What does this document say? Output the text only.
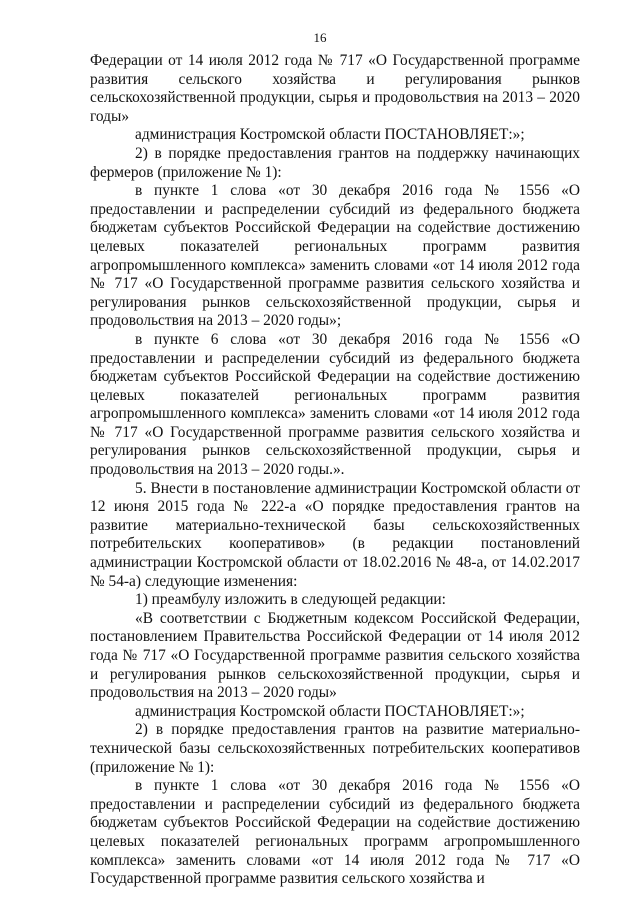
16

Федерации от 14 июля 2012 года № 717 «О Государственной программе развития сельского хозяйства и регулирования рынков сельскохозяйственной продукции, сырья и продовольствия на 2013 – 2020 годы»

администрация Костромской области ПОСТАНОВЛЯЕТ:»;

2) в порядке предоставления грантов на поддержку начинающих фермеров (приложение № 1):

в пункте 1 слова «от 30 декабря 2016 года № 1556 «О предоставлении и распределении субсидий из федерального бюджета бюджетам субъектов Российской Федерации на содействие достижению целевых показателей региональных программ развития агропромышленного комплекса» заменить словами «от 14 июля 2012 года № 717 «О Государственной программе развития сельского хозяйства и регулирования рынков сельскохозяйственной продукции, сырья и продовольствия на 2013 – 2020 годы»;

в пункте 6 слова «от 30 декабря 2016 года № 1556 «О предоставлении и распределении субсидий из федерального бюджета бюджетам субъектов Российской Федерации на содействие достижению целевых показателей региональных программ развития агропромышленного комплекса» заменить словами «от 14 июля 2012 года № 717 «О Государственной программе развития сельского хозяйства и регулирования рынков сельскохозяйственной продукции, сырья и продовольствия на 2013 – 2020 годы.».

5. Внести в постановление администрации Костромской области от 12 июня 2015 года № 222-а «О порядке предоставления грантов на развитие материально-технической базы сельскохозяйственных потребительских кооперативов» (в редакции постановлений администрации Костромской области от 18.02.2016 № 48-а, от 14.02.2017 № 54-а) следующие изменения:

1) преамбулу изложить в следующей редакции:

«В соответствии с Бюджетным кодексом Российской Федерации, постановлением Правительства Российской Федерации от 14 июля 2012 года № 717 «О Государственной программе развития сельского хозяйства и регулирования рынков сельскохозяйственной продукции, сырья и продовольствия на 2013 – 2020 годы»

администрация Костромской области ПОСТАНОВЛЯЕТ:»;

2) в порядке предоставления грантов на развитие материально-технической базы сельскохозяйственных потребительских кооперативов (приложение № 1):

в пункте 1 слова «от 30 декабря 2016 года № 1556 «О предоставлении и распределении субсидий из федерального бюджета бюджетам субъектов Российской Федерации на содействие достижению целевых показателей региональных программ агропромышленного комплекса» заменить словами «от 14 июля 2012 года № 717 «О Государственной программе развития сельского хозяйства и
